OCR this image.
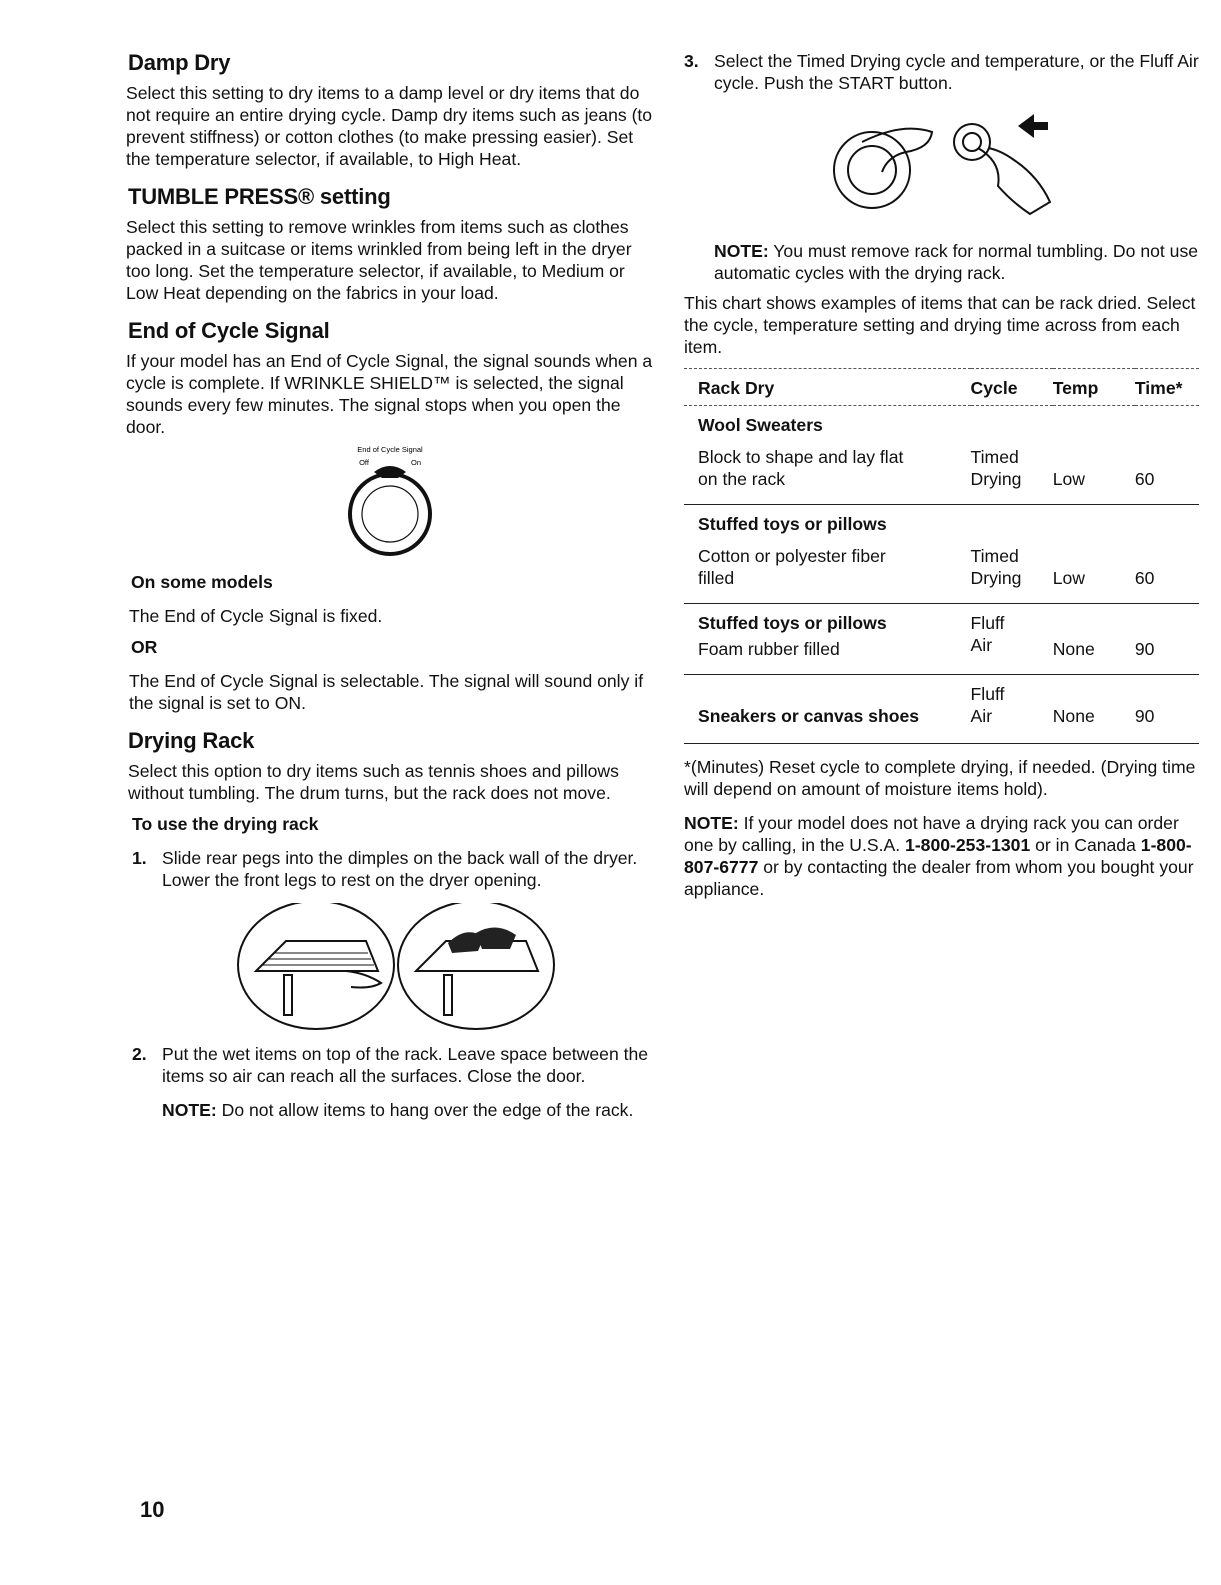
Damp Dry

Select this setting to dry items to a damp level or dry items that do not require an entire drying cycle. Damp dry items such as jeans (to prevent stiffness) or cotton clothes (to make pressing easier). Set the temperature selector, if available, to High Heat.

TUMBLE PRESS® setting

Select this setting to remove wrinkles from items such as clothes packed in a suitcase or items wrinkled from being left in the dryer too long. Set the temperature selector, if available, to Medium or Low Heat depending on the fabrics in your load.

End of Cycle Signal

If your model has an End of Cycle Signal, the signal sounds when a cycle is complete. If WRINKLE SHIELD™ is selected, the signal sounds every few minutes. The signal stops when you open the door.

End of Cycle Signal
Off	On
On some models

The End of Cycle Signal is fixed.

OR

The End of Cycle Signal is selectable. The signal will sound only if the signal is set to ON.

Drying Rack

Select this option to dry items such as tennis shoes and pillows without tumbling. The drum turns, but the rack does not move.

To use the drying rack
1. Slide rear pegs into the dimples on the back wall of the dryer. Lower the front legs to rest on the dryer opening.
2. Put the wet items on top of the rack. Leave space between the items so air can reach all the surfaces. Close the door.

NOTE: Do not allow items to hang over the edge of the rack.

3. Select the Timed Drying cycle and temperature, or the Fluff Air cycle. Push the START button.

NOTE: You must remove rack for normal tumbling. Do not use automatic cycles with the drying rack.

This chart shows examples of items that can be rack dried. Select the cycle, temperature setting and drying time across from each item.

Rack Dry	Cycle	Temp	Time*
Wool Sweaters			
Block to shape and lay flat	Timed		
on the rack	Drying	Low	60
Stuffed toys or pillows			
Cotton or polyester fiber	Timed		
filled	Drying	Low	60
Stuffed toys or pillows	Fluff		
Foam rubber filled	Air	None	90
	Fluff		
Sneakers or canvas shoes	Air	None	90

*(Minutes) Reset cycle to complete drying, if needed. (Drying time will depend on amount of moisture items hold).

NOTE: If your model does not have a drying rack you can order one by calling, in the U.S.A. 1-800-253-1301 or in Canada 1-800-807-6777 or by contacting the dealer from whom you bought your appliance.

10
